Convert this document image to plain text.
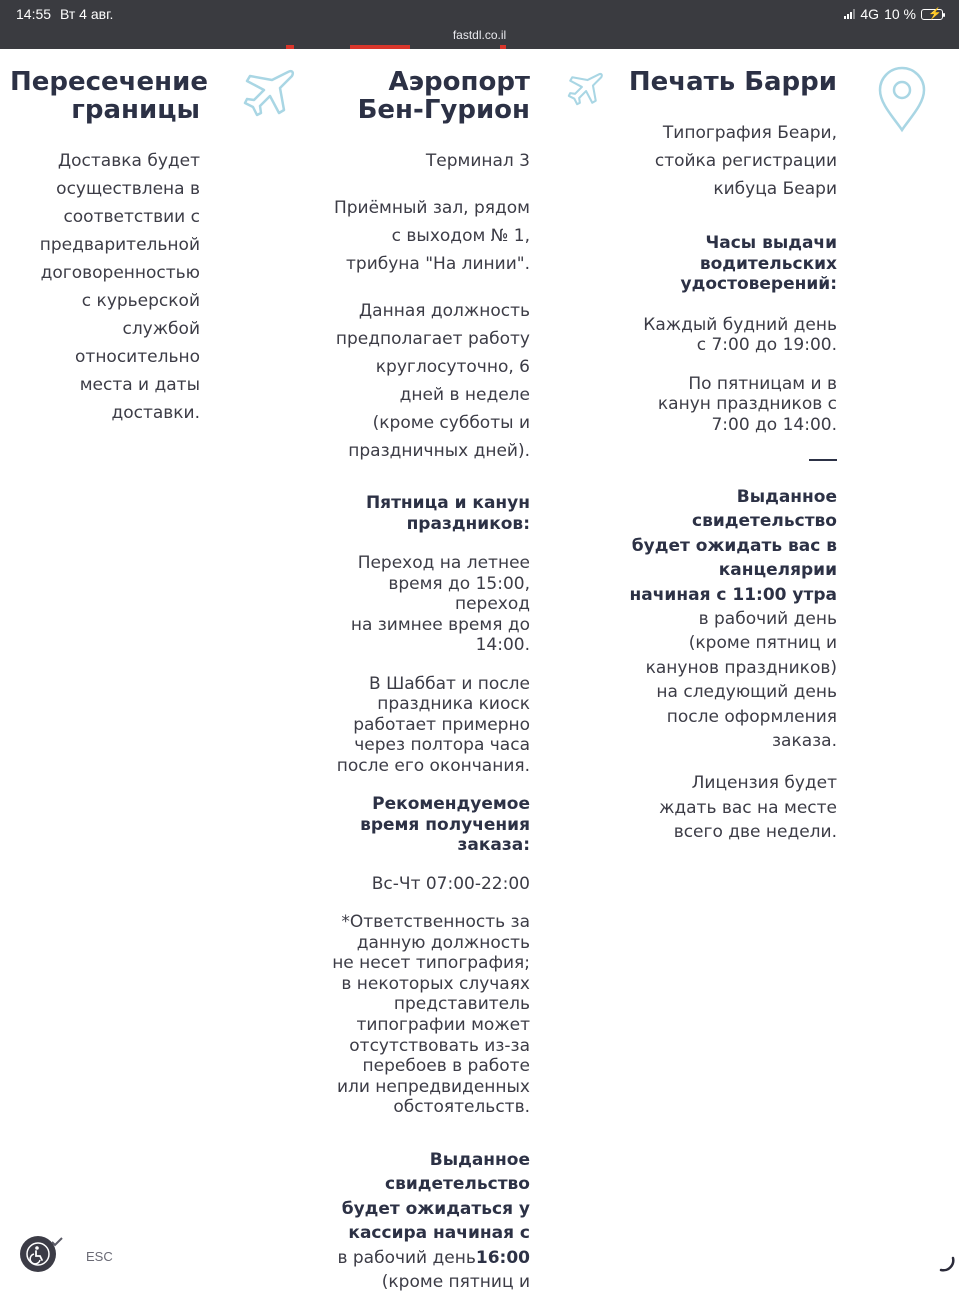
14:55 Вт 4 авг.	4G 10 % ⚡
fastdl.co.il
Пересечение
границы

Доставка будет
осуществлена в
соответствии с
предварительной
договоренностью
с курьерской
службой
относительно
места и даты
доставки.

Аэропорт
Бен-Гурион

Терминал 3

Приёмный зал, рядом
с выходом № 1,
трибуна "На линии".

Данная должность
предполагает работу
круглосуточно, 6
дней в неделе
(кроме субботы и
праздничных дней).

Пятница и канун
праздников:

Переход на летнее
время до 15:00,
переход
на зимнее время до
14:00.

В Шаббат и после
праздника киоск
работает примерно
через полтора часа
после его окончания.

Рекомендуемое
время получения
заказа:

Вс-Чт 07:00-22:00

*Ответственность за
данную должность
не несет типография;
в некоторых случаях
представитель
типографии может
отсутствовать из-за
перебоев в работе
или непредвиденных
обстоятельств.

Выданное
свидетельство
будет ожидаться у
кассира начиная с
в рабочий день16:00
(кроме пятниц и

Печать Барри

Типография Беари,
стойка регистрации
кибуца Беари

Часы выдачи
водительских
удостоверений:

Каждый будний день
с 7:00 до 19:00.

По пятницам и в
канун праздников с
7:00 до 14:00.

Выданное
свидетельство
будет ожидать вас в
канцелярии
начиная с 11:00 утра
в рабочий день
(кроме пятниц и
канунов праздников)
на следующий день
после оформления
заказа.

Лицензия будет
ждать вас на месте
всего две недели.

ESC
